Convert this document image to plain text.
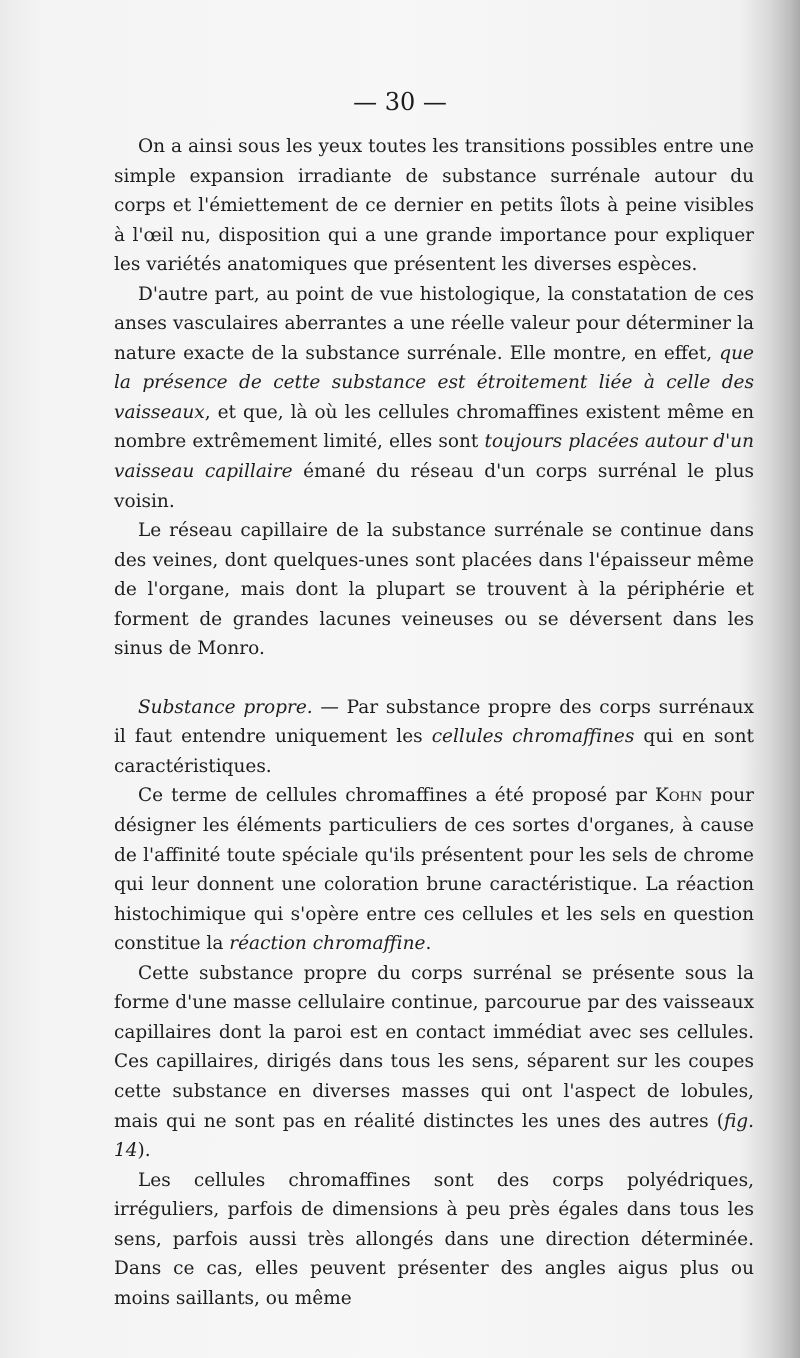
— 30 —

On a ainsi sous les yeux toutes les transitions possibles entre une simple expansion irradiante de substance surrénale autour du corps et l'émiettement de ce dernier en petits îlots à peine visibles à l'œil nu, disposition qui a une grande importance pour expliquer les variétés anatomiques que présentent les diverses espèces.

D'autre part, au point de vue histologique, la constatation de ces anses vasculaires aberrantes a une réelle valeur pour déterminer la nature exacte de la substance surrénale. Elle montre, en effet, que la présence de cette substance est étroitement liée à celle des vaisseaux, et que, là où les cellules chromaffines existent même en nombre extrêmement limité, elles sont toujours placées autour d'un vaisseau capillaire émané du réseau d'un corps surrénal le plus voisin.

Le réseau capillaire de la substance surrénale se continue dans des veines, dont quelques-unes sont placées dans l'épaisseur même de l'organe, mais dont la plupart se trouvent à la périphérie et forment de grandes lacunes veineuses ou se déversent dans les sinus de Monro.

Substance propre. — Par substance propre des corps surrénaux il faut entendre uniquement les cellules chromaffines qui en sont caractéristiques.

Ce terme de cellules chromaffines a été proposé par Kohn pour désigner les éléments particuliers de ces sortes d'organes, à cause de l'affinité toute spéciale qu'ils présentent pour les sels de chrome qui leur donnent une coloration brune caractéristique. La réaction histochimique qui s'opère entre ces cellules et les sels en question constitue la réaction chromaffine.

Cette substance propre du corps surrénal se présente sous la forme d'une masse cellulaire continue, parcourue par des vaisseaux capillaires dont la paroi est en contact immédiat avec ses cellules. Ces capillaires, dirigés dans tous les sens, séparent sur les coupes cette substance en diverses masses qui ont l'aspect de lobules, mais qui ne sont pas en réalité distinctes les unes des autres (fig. 14).

Les cellules chromaffines sont des corps polyédriques, irréguliers, parfois de dimensions à peu près égales dans tous les sens, parfois aussi très allongés dans une direction déterminée. Dans ce cas, elles peuvent présenter des angles aigus plus ou moins saillants, ou même
